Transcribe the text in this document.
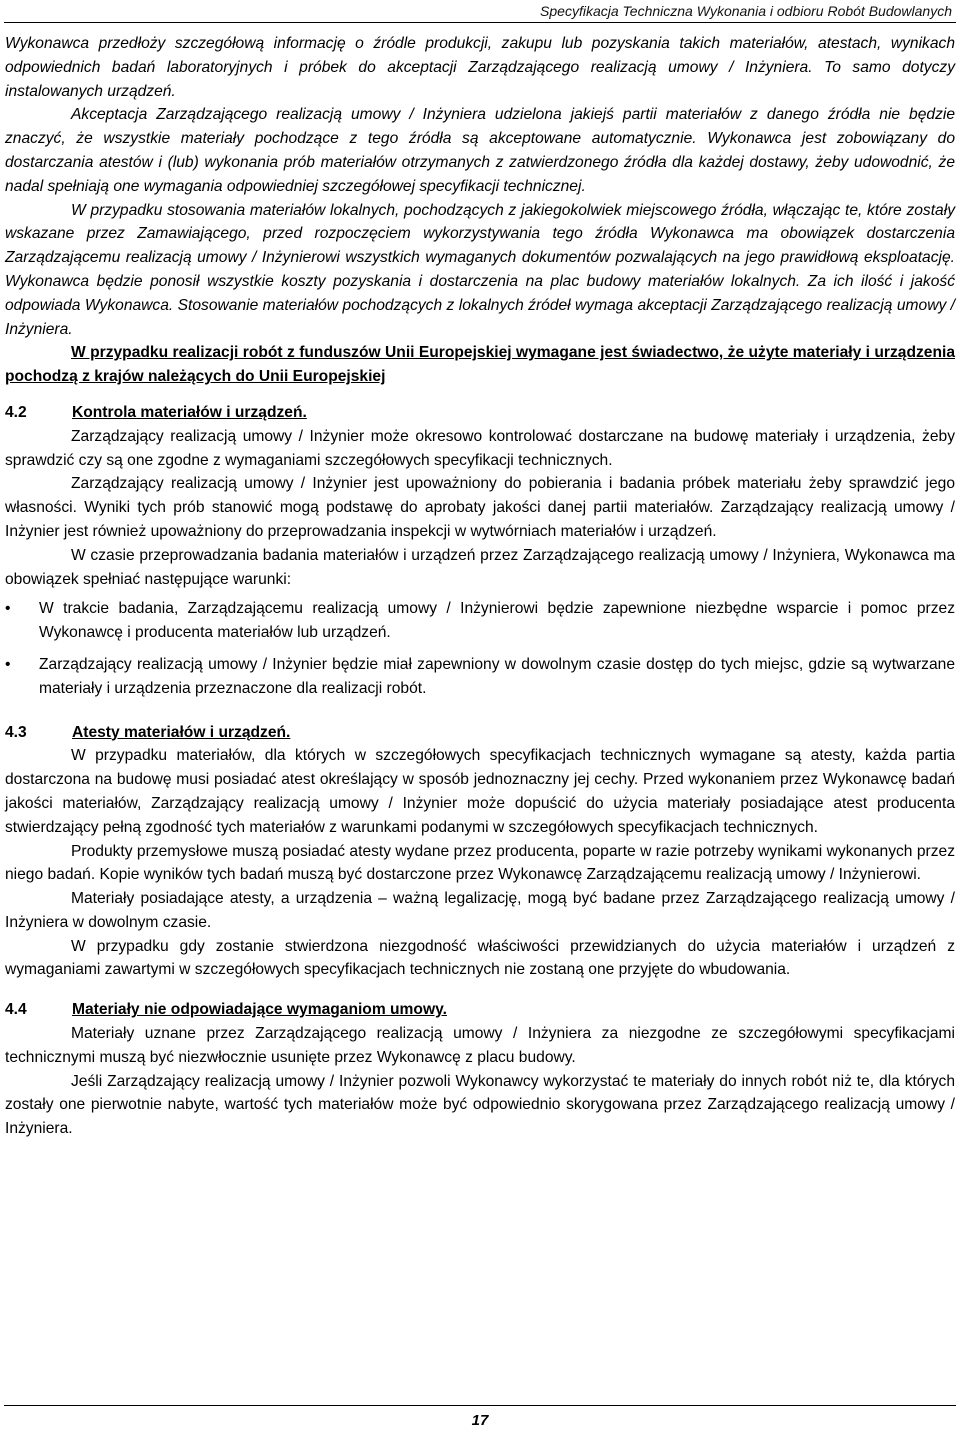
Specyfikacja Techniczna Wykonania i odbioru Robót Budowlanych

Wykonawca przedłoży szczegółową informację o źródle produkcji, zakupu lub pozyskania takich materiałów, atestach, wynikach odpowiednich badań laboratoryjnych i próbek do akceptacji Zarządzającego realizacją umowy / Inżyniera. To samo dotyczy instalowanych urządzeń.

Akceptacja Zarządzającego realizacją umowy / Inżyniera udzielona jakiejś partii materiałów z danego źródła nie będzie znaczyć, że wszystkie materiały pochodzące z tego źródła są akceptowane automatycznie. Wykonawca jest zobowiązany do dostarczania atestów i (lub) wykonania prób materiałów otrzymanych z zatwierdzonego źródła dla każdej dostawy, żeby udowodnić, że nadal spełniają one wymagania odpowiedniej szczegółowej specyfikacji technicznej.

W przypadku stosowania materiałów lokalnych, pochodzących z jakiegokolwiek miejscowego źródła, włączając te, które zostały wskazane przez Zamawiającego, przed rozpoczęciem wykorzystywania tego źródła Wykonawca ma obowiązek dostarczenia Zarządzającemu realizacją umowy / Inżynierowi wszystkich wymaganych dokumentów pozwalających na jego prawidłową eksploatację. Wykonawca będzie ponosił wszystkie koszty pozyskania i dostarczenia na plac budowy materiałów lokalnych. Za ich ilość i jakość odpowiada Wykonawca. Stosowanie materiałów pochodzących z lokalnych źródeł wymaga akceptacji Zarządzającego realizacją umowy / Inżyniera.

W przypadku realizacji robót z funduszów Unii Europejskiej wymagane jest świadectwo, że użyte materiały i urządzenia pochodzą z krajów należących do Unii Europejskiej

4.2	Kontrola materiałów i urządzeń.

Zarządzający realizacją umowy / Inżynier może okresowo kontrolować dostarczane na budowę materiały i urządzenia, żeby sprawdzić czy są one zgodne z wymaganiami szczegółowych specyfikacji technicznych.

Zarządzający realizacją umowy / Inżynier jest upoważniony do pobierania i badania próbek materiału żeby sprawdzić jego własności. Wyniki tych prób stanowić mogą podstawę do aprobaty jakości danej partii materiałów. Zarządzający realizacją umowy / Inżynier jest również upoważniony do przeprowadzania inspekcji w wytwórniach materiałów i urządzeń.

W czasie przeprowadzania badania materiałów i urządzeń przez Zarządzającego realizacją umowy / Inżyniera, Wykonawca ma obowiązek spełniać następujące warunki:

• W trakcie badania, Zarządzającemu realizacją umowy / Inżynierowi będzie zapewnione niezbędne wsparcie i pomoc przez Wykonawcę i producenta materiałów lub urządzeń.
• Zarządzający realizacją umowy / Inżynier będzie miał zapewniony w dowolnym czasie dostęp do tych miejsc, gdzie są wytwarzane materiały i urządzenia przeznaczone dla realizacji robót.
4.3	Atesty materiałów i urządzeń.

W przypadku materiałów, dla których w szczegółowych specyfikacjach technicznych wymagane są atesty, każda partia dostarczona na budowę musi posiadać atest określający w sposób jednoznaczny jej cechy. Przed wykonaniem przez Wykonawcę badań jakości materiałów, Zarządzający realizacją umowy / Inżynier może dopuścić do użycia materiały posiadające atest producenta stwierdzający pełną zgodność tych materiałów z warunkami podanymi w szczegółowych specyfikacjach technicznych.

Produkty przemysłowe muszą posiadać atesty wydane przez producenta, poparte w razie potrzeby wynikami wykonanych przez niego badań. Kopie wyników tych badań muszą być dostarczone przez Wykonawcę Zarządzającemu realizacją umowy / Inżynierowi.

Materiały posiadające atesty, a urządzenia – ważną legalizację, mogą być badane przez Zarządzającego realizacją umowy / Inżyniera w dowolnym czasie.

W przypadku gdy zostanie stwierdzona niezgodność właściwości przewidzianych do użycia materiałów i urządzeń z wymaganiami zawartymi w szczegółowych specyfikacjach technicznych nie zostaną one przyjęte do wbudowania.

4.4	Materiały nie odpowiadające wymaganiom umowy.

Materiały uznane przez Zarządzającego realizacją umowy / Inżyniera za niezgodne ze szczegółowymi specyfikacjami technicznymi muszą być niezwłocznie usunięte przez Wykonawcę z placu budowy.

Jeśli Zarządzający realizacją umowy / Inżynier pozwoli Wykonawcy wykorzystać te materiały do innych robót niż te, dla których zostały one pierwotnie nabyte, wartość tych materiałów może być odpowiednio skorygowana przez Zarządzającego realizacją umowy / Inżyniera.

17
